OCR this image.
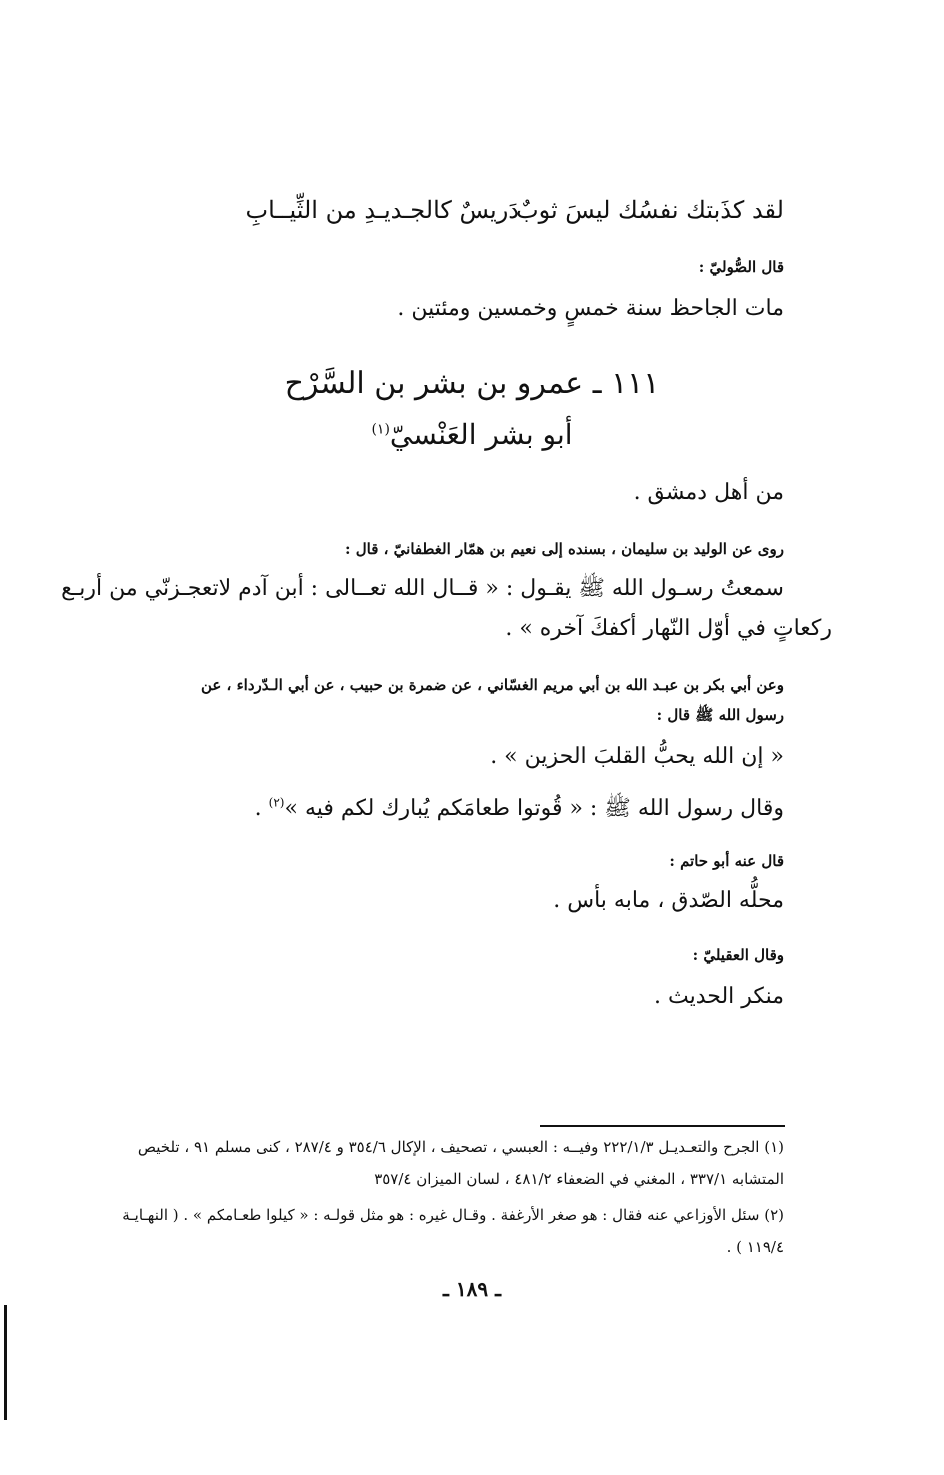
لقد كذَبتك نفسُك ليسَ ثوبٌ
دَريسٌ كالجـديـدِ من الثِّيــابِ
قال الصُّوليّ :
مات الجاحظ سنة خمسٍ وخمسين ومئتين .
١١١ ـ عمرو بن بشر بن السَّرْح
أبو بشر العَنْسيّ$^{(١)}$
من أهل دمشق .
روى عن الوليد بن سليمان ، بسنده إلى نعيم بن همّار الغطفانيّ ، قال :
سمعتُ رسـول الله ﷺ يقـول : « قــال الله تعــالى : أبن آدم لاتعجـزنّي من أربـع
ركعاتٍ في أوّل النّهار أكفكَ آخره » .
وعن أبي بكر بن عبـد الله بن أبي مريم الغسّاني ، عن ضمرة بن حبيب ، عن أبي الـدّرداء ، عن
رسول الله ﷺ قال :
« إن الله يحبُّ القلبَ الحزين » .
وقال رسول الله ﷺ : « قُوتوا طعامَكم يُبارك لكم فيه »$^{(٢)}$ .
قال عنه أبو حاتم :
محلُّه الصّدق ، مابه بأس .
وقال العقيليّ :
منكر الحديث .
(١) الجرح والتعـديـل ٢٢٢/١/٣ وفيــه : العبسي ، تصحيف ، الإكال ٣٥٤/٦ و ٢٨٧/٤ ، كنى مسلم ٩١ ، تلخيص
المتشابه ٣٣٧/١ ، المغني في الضعفاء ٤٨١/٢ ، لسان الميزان ٣٥٧/٤
(٢) سئل الأوزاعي عنه فقال : هو صغر الأرغفة . وقـال غيره : هو مثل قولـه : « كيلوا طعـامكم » . ( النهـايـة
. ( ١١٩/٤
ـ ١٨٩ ـ
